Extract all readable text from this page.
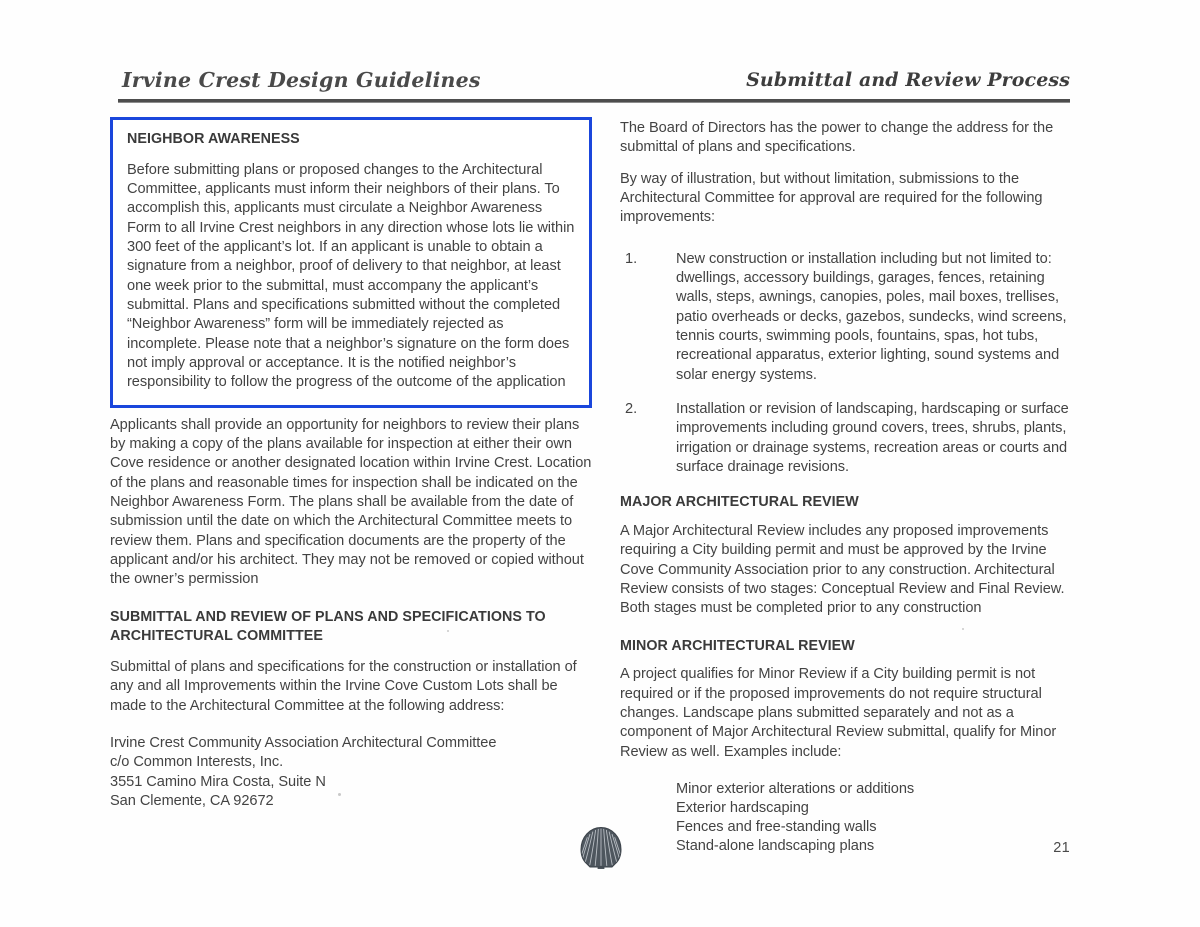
Irvine Crest Design Guidelines	Submittal and Review Process
NEIGHBOR AWARENESS

Before submitting plans or proposed changes to the Architectural Committee, applicants must inform their neighbors of their plans. To accomplish this, applicants must circulate a Neighbor Awareness Form to all Irvine Crest neighbors in any direction whose lots lie within 300 feet of the applicant’s lot. If an applicant is unable to obtain a signature from a neighbor, proof of delivery to that neighbor, at least one week prior to the submittal, must accompany the applicant’s submittal. Plans and specifications submitted without the completed “Neighbor Awareness” form will be immediately rejected as incomplete. Please note that a neighbor’s signature on the form does not imply approval or acceptance. It is the notified neighbor’s responsibility to follow the progress of the outcome of the application

Applicants shall provide an opportunity for neighbors to review their plans by making a copy of the plans available for inspection at either their own Cove residence or another designated location within Irvine Crest. Location of the plans and reasonable times for inspection shall be indicated on the Neighbor Awareness Form. The plans shall be available from the date of submission until the date on which the Architectural Committee meets to review them. Plans and specification documents are the property of the applicant and/or his architect. They may not be removed or copied without the owner’s permission

SUBMITTAL AND REVIEW OF PLANS AND SPECIFICATIONS TO ARCHITECTURAL COMMITTEE

Submittal of plans and specifications for the construction or installation of any and all Improvements within the Irvine Cove Custom Lots shall be made to the Architectural Committee at the following address:

Irvine Crest Community Association Architectural Committee
c/o Common Interests, Inc.
3551 Camino Mira Costa, Suite N
San Clemente, CA 92672

The Board of Directors has the power to change the address for the submittal of plans and specifications.

By way of illustration, but without limitation, submissions to the Architectural Committee for approval are required for the following improvements:

1.	New construction or installation including but not limited to: dwellings, accessory buildings, garages, fences, retaining walls, steps, awnings, canopies, poles, mail boxes, trellises, patio overheads or decks, gazebos, sundecks, wind screens, tennis courts, swimming pools, fountains, spas, hot tubs, recreational apparatus, exterior lighting, sound systems and solar energy systems.
2.	Installation or revision of landscaping, hardscaping or surface improvements including ground covers, trees, shrubs, plants, irrigation or drainage systems, recreation areas or courts and surface drainage revisions.
MAJOR ARCHITECTURAL REVIEW

A Major Architectural Review includes any proposed improvements requiring a City building permit and must be approved by the Irvine Cove Community Association prior to any construction. Architectural Review consists of two stages: Conceptual Review and Final Review. Both stages must be completed prior to any construction

MINOR ARCHITECTURAL REVIEW

A project qualifies for Minor Review if a City building permit is not required or if the proposed improvements do not require structural changes. Landscape plans submitted separately and not as a component of Major Architectural Review submittal, qualify for Minor Review as well. Examples include:

Minor exterior alterations or additions
Exterior hardscaping
Fences and free-standing walls
Stand-alone landscaping plans	21
